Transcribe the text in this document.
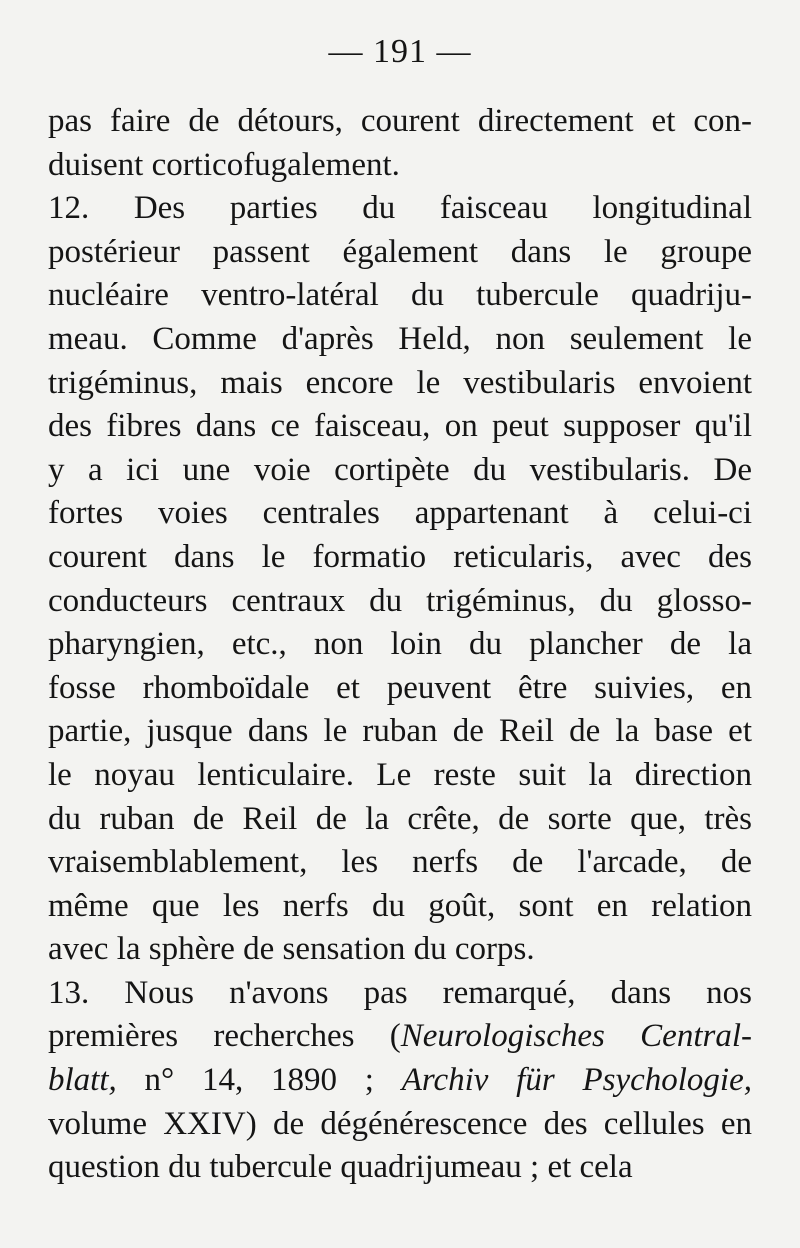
— 191 —
pas faire de détours, courent directement et con-
duisent corticofugalement.
12. Des parties du faisceau longitudinal
postérieur passent également dans le groupe
nucléaire ventro-latéral du tubercule quadriju-
meau. Comme d'après Held, non seulement le
trigéminus, mais encore le vestibularis envoient
des fibres dans ce faisceau, on peut supposer qu'il
y a ici une voie cortipète du vestibularis. De
fortes voies centrales appartenant à celui-ci
courent dans le formatio reticularis, avec des
conducteurs centraux du trigéminus, du glosso-
pharyngien, etc., non loin du plancher de la
fosse rhomboïdale et peuvent être suivies, en
partie, jusque dans le ruban de Reil de la base et
le noyau lenticulaire. Le reste suit la direction
du ruban de Reil de la crête, de sorte que, très
vraisemblablement, les nerfs de l'arcade, de
même que les nerfs du goût, sont en relation
avec la sphère de sensation du corps.
13. Nous n'avons pas remarqué, dans nos
premières recherches (Neurologisches Central-
blatt, n° 14, 1890 ; Archiv für Psychologie,
volume XXIV) de dégénérescence des cellules en
question du tubercule quadrijumeau ; et cela
